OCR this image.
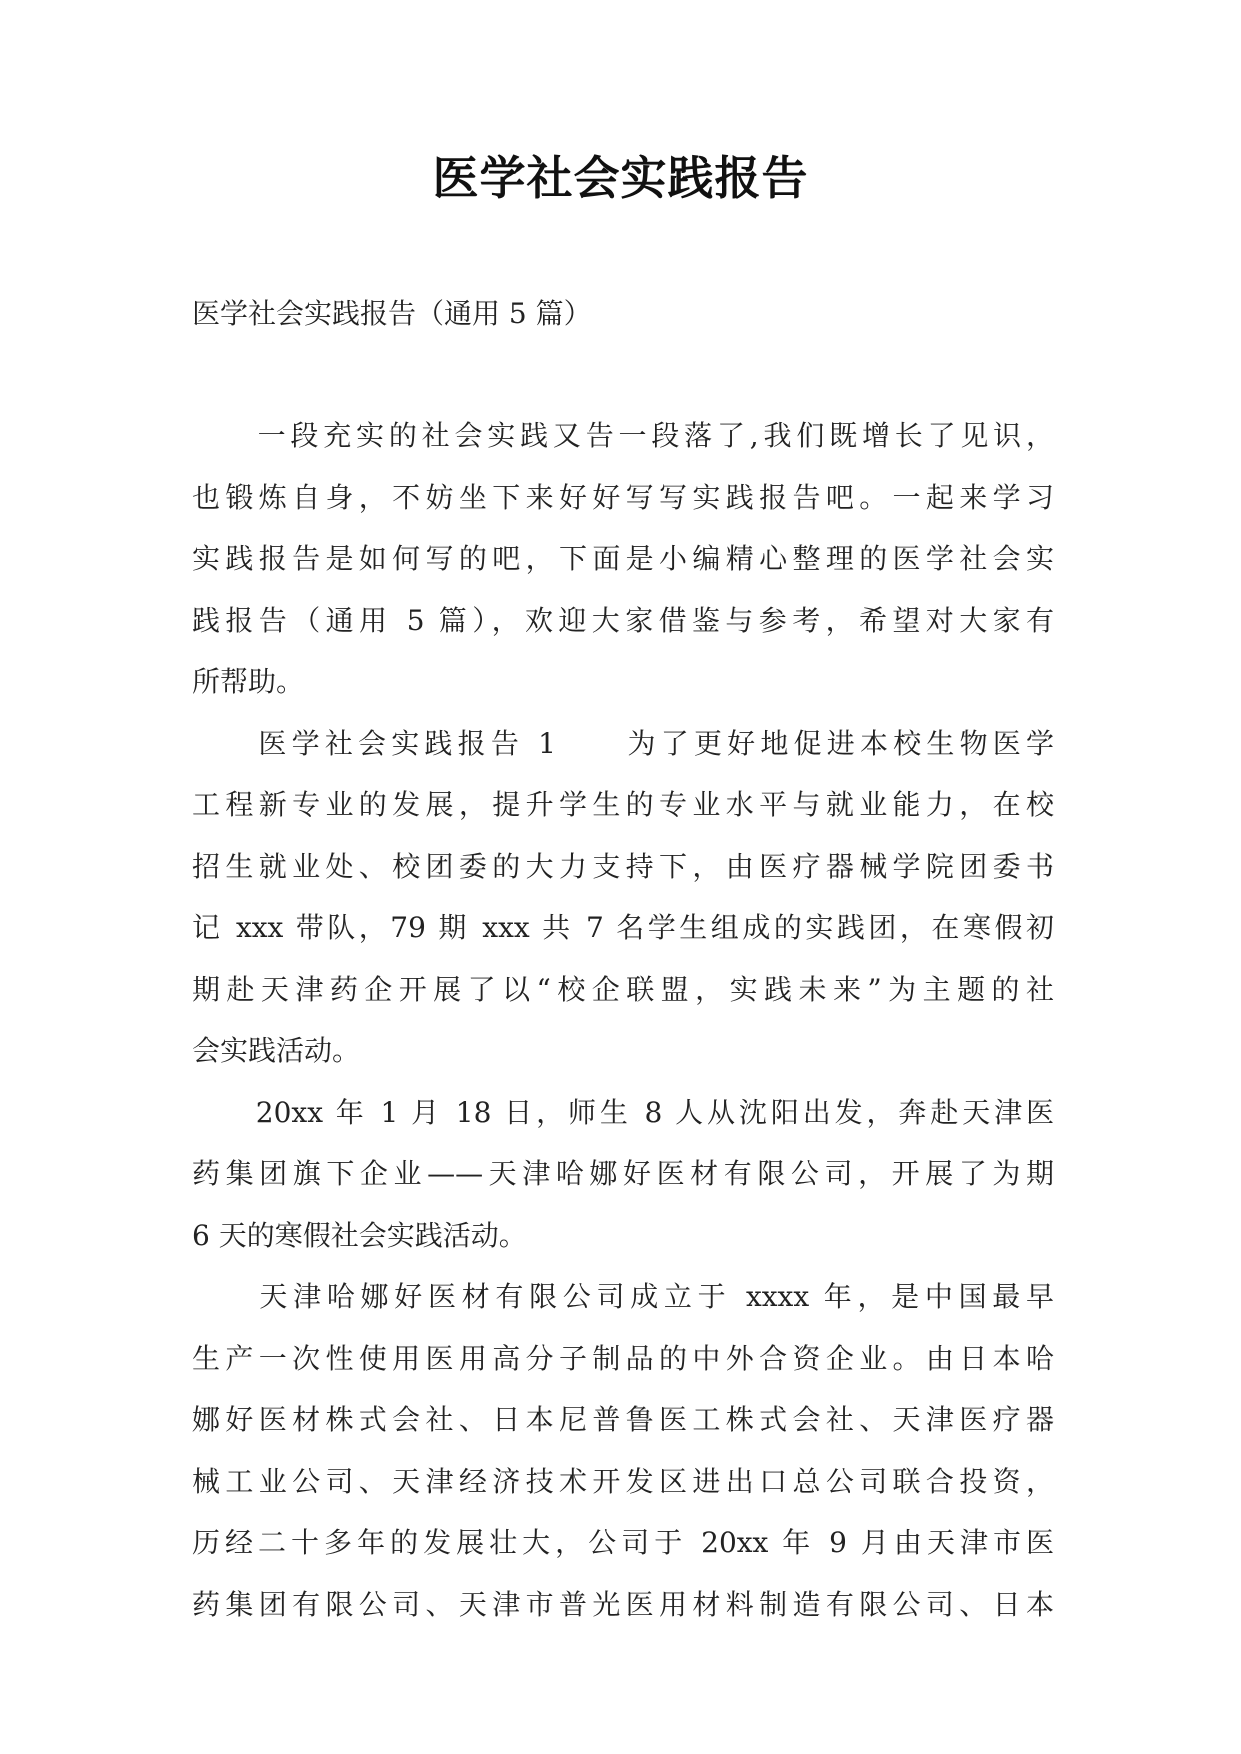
医学社会实践报告
医学社会实践报告（通用 5 篇）
　　一段充实的社会实践又告一段落了,我们既增长了见识，
也锻炼自身，不妨坐下来好好写写实践报告吧。一起来学习
实践报告是如何写的吧，下面是小编精心整理的医学社会实
践报告（通用 5 篇），欢迎大家借鉴与参考，希望对大家有
所帮助。
　　医学社会实践报告 1　　为了更好地促进本校生物医学
工程新专业的发展，提升学生的专业水平与就业能力，在校
招生就业处、校团委的大力支持下，由医疗器械学院团委书
记 xxx 带队，79 期 xxx 共 7 名学生组成的实践团，在寒假初
期赴天津药企开展了以“校企联盟，实践未来”为主题的社
会实践活动。
　　20xx 年 1 月 18 日，师生 8 人从沈阳出发，奔赴天津医
药集团旗下企业——天津哈娜好医材有限公司，开展了为期
6 天的寒假社会实践活动。
　　天津哈娜好医材有限公司成立于 xxxx 年，是中国最早
生产一次性使用医用高分子制品的中外合资企业。由日本哈
娜好医材株式会社、日本尼普鲁医工株式会社、天津医疗器
械工业公司、天津经济技术开发区进出口总公司联合投资，
历经二十多年的发展壮大，公司于 20xx 年 9 月由天津市医
药集团有限公司、天津市普光医用材料制造有限公司、日本
